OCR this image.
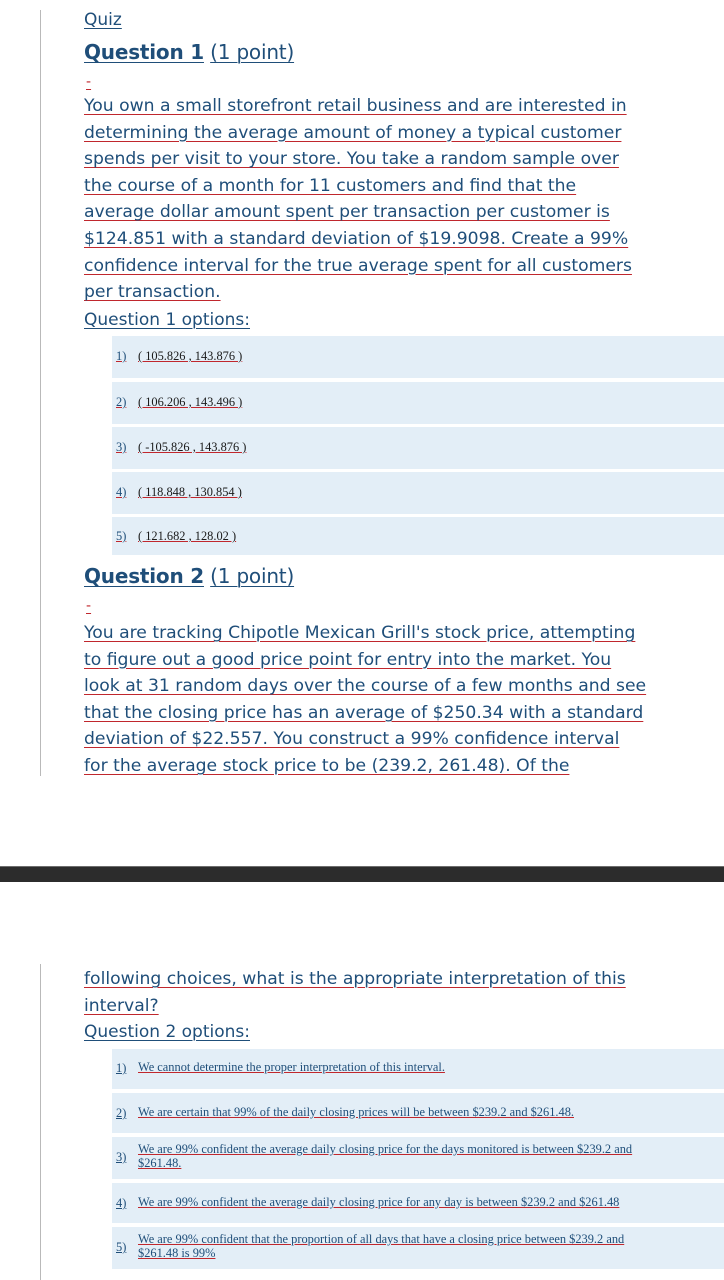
Quiz
Question 1 (1 point)
-
You own a small storefront retail business and are interested in
determining the average amount of money a typical customer
spends per visit to your store. You take a random sample over
the course of a month for 11 customers and find that the
average dollar amount spent per transaction per customer is
$124.851 with a standard deviation of $19.9098. Create a 99%
confidence interval for the true average spent for all customers
per transaction.
Question 1 options:
1) ( 105.826 , 143.876 )
2) ( 106.206 , 143.496 )
3) ( -105.826 , 143.876 )
4) ( 118.848 , 130.854 )
5) ( 121.682 , 128.02 )
Question 2 (1 point)
-
You are tracking Chipotle Mexican Grill's stock price, attempting
to figure out a good price point for entry into the market. You
look at 31 random days over the course of a few months and see
that the closing price has an average of $250.34 with a standard
deviation of $22.557. You construct a 99% confidence interval
for the average stock price to be (239.2, 261.48). Of the
following choices, what is the appropriate interpretation of this
interval?
Question 2 options:
1) We cannot determine the proper interpretation of this interval.
2) We are certain that 99% of the daily closing prices will be between $239.2 and $261.48.
3)
We are 99% confident the average daily closing price for the days monitored is between $239.2 and
$261.48.
4) We are 99% confident the average daily closing price for any day is between $239.2 and $261.48
5)
We are 99% confident that the proportion of all days that have a closing price between $239.2 and
$261.48 is 99%
